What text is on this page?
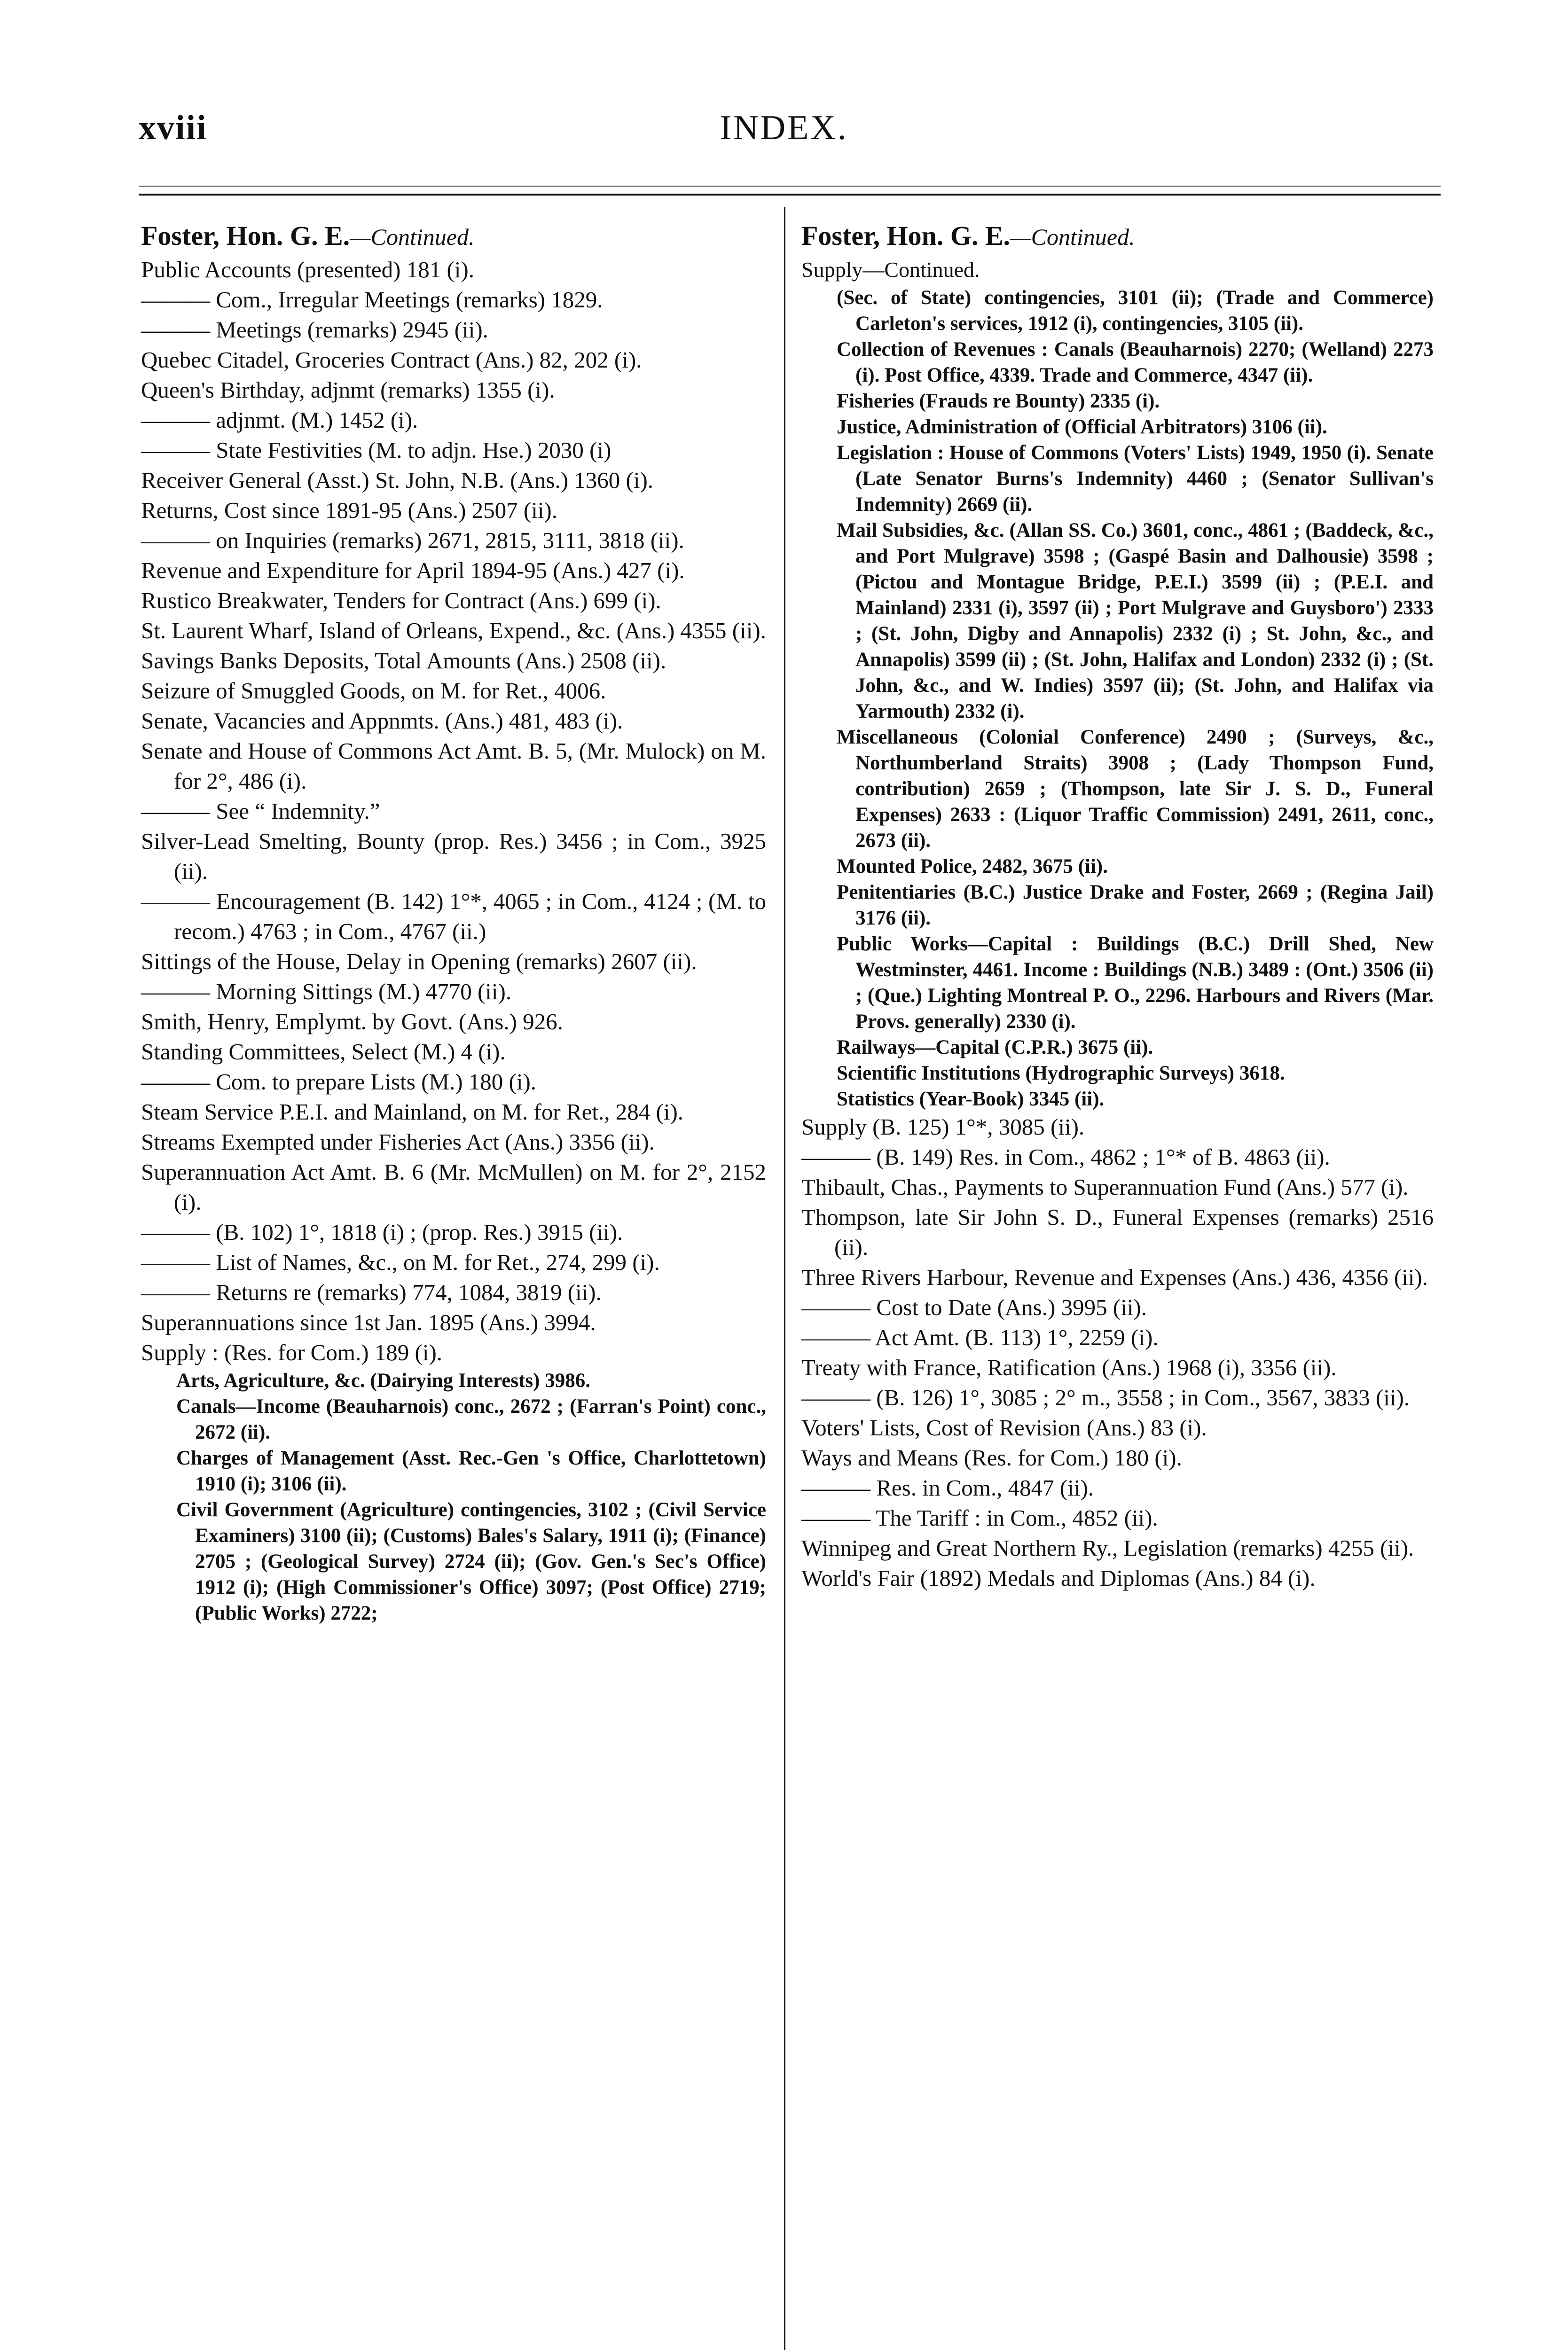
xviii	INDEX.
Foster, Hon. G. E.—Continued.
Public Accounts (presented) 181 (i).
——— Com., Irregular Meetings (remarks) 1829.
——— Meetings (remarks) 2945 (ii).
Quebec Citadel, Groceries Contract (Ans.) 82, 202 (i).
Queen's Birthday, adjnmt (remarks) 1355 (i).
——— adjnmt. (M.) 1452 (i).
——— State Festivities (M. to adjn. Hse.) 2030 (i)
Receiver General (Asst.) St. John, N.B. (Ans.) 1360 (i).
Returns, Cost since 1891-95 (Ans.) 2507 (ii).
——— on Inquiries (remarks) 2671, 2815, 3111, 3818 (ii).
Revenue and Expenditure for April 1894-95 (Ans.) 427 (i).
Rustico Breakwater, Tenders for Contract (Ans.) 699 (i).
St. Laurent Wharf, Island of Orleans, Expend., &c. (Ans.) 4355 (ii).
Savings Banks Deposits, Total Amounts (Ans.) 2508 (ii).
Seizure of Smuggled Goods, on M. for Ret., 4006.
Senate, Vacancies and Appnmts. (Ans.) 481, 483 (i).
Senate and House of Commons Act Amt. B. 5, (Mr. Mulock) on M. for 2°, 486 (i).
——— See “ Indemnity.”
Silver-Lead Smelting, Bounty (prop. Res.) 3456 ; in Com., 3925 (ii).
——— Encouragement (B. 142) 1°*, 4065 ; in Com., 4124 ; (M. to recom.) 4763 ; in Com., 4767 (ii.)
Sittings of the House, Delay in Opening (remarks) 2607 (ii).
——— Morning Sittings (M.) 4770 (ii).
Smith, Henry, Emplymt. by Govt. (Ans.) 926.
Standing Committees, Select (M.) 4 (i).
——— Com. to prepare Lists (M.) 180 (i).
Steam Service P.E.I. and Mainland, on M. for Ret., 284 (i).
Streams Exempted under Fisheries Act (Ans.) 3356 (ii).
Superannuation Act Amt. B. 6 (Mr. McMullen) on M. for 2°, 2152 (i).
——— (B. 102) 1°, 1818 (i) ; (prop. Res.) 3915 (ii).
——— List of Names, &c., on M. for Ret., 274, 299 (i).
——— Returns re (remarks) 774, 1084, 3819 (ii).
Superannuations since 1st Jan. 1895 (Ans.) 3994.
Supply : (Res. for Com.) 189 (i).
Arts, Agriculture, &c. (Dairying Interests) 3986.
Canals—Income (Beauharnois) conc., 2672 ; (Farran's Point) conc., 2672 (ii).
Charges of Management (Asst. Rec.-Gen 's Office, Charlottetown) 1910 (i); 3106 (ii).
Civil Government (Agriculture) contingencies, 3102 ; (Civil Service Examiners) 3100 (ii); (Customs) Bales's Salary, 1911 (i); (Finance) 2705 ; (Geological Survey) 2724 (ii); (Gov. Gen.'s Sec's Office) 1912 (i); (High Commissioner's Office) 3097; (Post Office) 2719; (Public Works) 2722;
Foster, Hon. G. E.—Continued.
Supply—Continued.
(Sec. of State) contingencies, 3101 (ii); (Trade and Commerce) Carleton's services, 1912 (i), contingencies, 3105 (ii).
Collection of Revenues : Canals (Beauharnois) 2270; (Welland) 2273 (i). Post Office, 4339. Trade and Commerce, 4347 (ii).
Fisheries (Frauds re Bounty) 2335 (i).
Justice, Administration of (Official Arbitrators) 3106 (ii).
Legislation : House of Commons (Voters' Lists) 1949, 1950 (i). Senate (Late Senator Burns's Indemnity) 4460 ; (Senator Sullivan's Indemnity) 2669 (ii).
Mail Subsidies, &c. (Allan SS. Co.) 3601, conc., 4861 ; (Baddeck, &c., and Port Mulgrave) 3598 ; (Gaspé Basin and Dalhousie) 3598 ; (Pictou and Montague Bridge, P.E.I.) 3599 (ii) ; (P.E.I. and Mainland) 2331 (i), 3597 (ii) ; Port Mulgrave and Guysboro') 2333 ; (St. John, Digby and Annapolis) 2332 (i) ; St. John, &c., and Annapolis) 3599 (ii) ; (St. John, Halifax and London) 2332 (i) ; (St. John, &c., and W. Indies) 3597 (ii); (St. John, and Halifax via Yarmouth) 2332 (i).
Miscellaneous (Colonial Conference) 2490 ; (Surveys, &c., Northumberland Straits) 3908 ; (Lady Thompson Fund, contribution) 2659 ; (Thompson, late Sir J. S. D., Funeral Expenses) 2633 : (Liquor Traffic Commission) 2491, 2611, conc., 2673 (ii).
Mounted Police, 2482, 3675 (ii).
Penitentiaries (B.C.) Justice Drake and Foster, 2669 ; (Regina Jail) 3176 (ii).
Public Works—Capital : Buildings (B.C.) Drill Shed, New Westminster, 4461. Income : Buildings (N.B.) 3489 : (Ont.) 3506 (ii) ; (Que.) Lighting Montreal P. O., 2296. Harbours and Rivers (Mar. Provs. generally) 2330 (i).
Railways—Capital (C.P.R.) 3675 (ii).
Scientific Institutions (Hydrographic Surveys) 3618.
Statistics (Year-Book) 3345 (ii).
Supply (B. 125) 1°*, 3085 (ii).
——— (B. 149) Res. in Com., 4862 ; 1°* of B. 4863 (ii).
Thibault, Chas., Payments to Superannuation Fund (Ans.) 577 (i).
Thompson, late Sir John S. D., Funeral Expenses (remarks) 2516 (ii).
Three Rivers Harbour, Revenue and Expenses (Ans.) 436, 4356 (ii).
——— Cost to Date (Ans.) 3995 (ii).
——— Act Amt. (B. 113) 1°, 2259 (i).
Treaty with France, Ratification (Ans.) 1968 (i), 3356 (ii).
——— (B. 126) 1°, 3085 ; 2° m., 3558 ; in Com., 3567, 3833 (ii).
Voters' Lists, Cost of Revision (Ans.) 83 (i).
Ways and Means (Res. for Com.) 180 (i).
——— Res. in Com., 4847 (ii).
——— The Tariff : in Com., 4852 (ii).
Winnipeg and Great Northern Ry., Legislation (remarks) 4255 (ii).
World's Fair (1892) Medals and Diplomas (Ans.) 84 (i).
